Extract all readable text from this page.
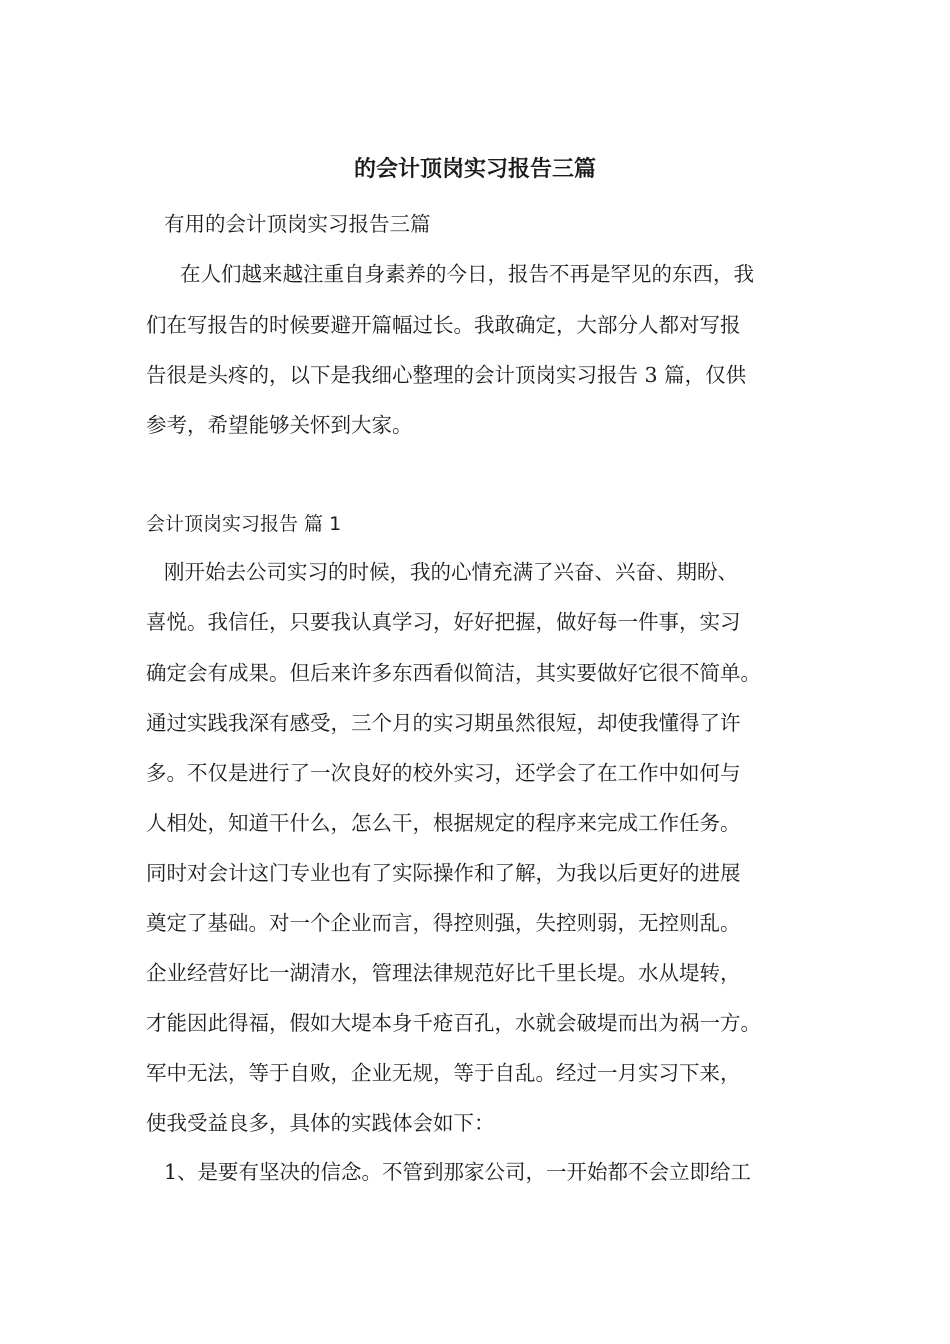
的会计顶岗实习报告三篇
有用的会计顶岗实习报告三篇
在人们越来越注重自身素养的今日，报告不再是罕见的东西，我
们在写报告的时候要避开篇幅过长。我敢确定，大部分人都对写报
告很是头疼的，以下是我细心整理的会计顶岗实习报告 3 篇，仅供
参考，希望能够关怀到大家。
会计顶岗实习报告 篇 1
刚开始去公司实习的时候，我的心情充满了兴奋、兴奋、期盼、
喜悦。我信任，只要我认真学习，好好把握，做好每一件事，实习
确定会有成果。但后来许多东西看似简洁，其实要做好它很不简单。
通过实践我深有感受，三个月的实习期虽然很短，却使我懂得了许
多。不仅是进行了一次良好的校外实习，还学会了在工作中如何与
人相处，知道干什么，怎么干，根据规定的程序来完成工作任务。
同时对会计这门专业也有了实际操作和了解，为我以后更好的进展
奠定了基础。对一个企业而言，得控则强，失控则弱，无控则乱。
企业经营好比一湖清水，管理法律规范好比千里长堤。水从堤转，
才能因此得福，假如大堤本身千疮百孔，水就会破堤而出为祸一方。
军中无法，等于自败，企业无规，等于自乱。经过一月实习下来，
使我受益良多，具体的实践体会如下：
1、是要有坚决的信念。不管到那家公司，一开始都不会立即给工
